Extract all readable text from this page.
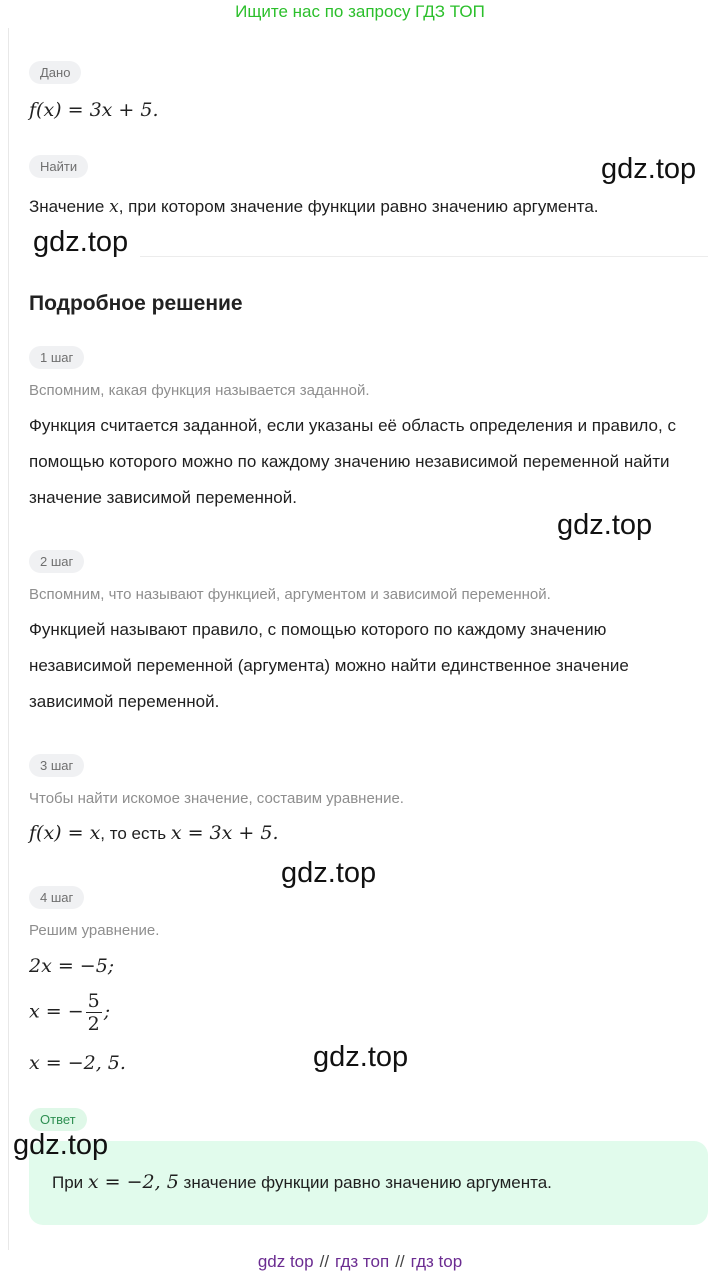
Ищите нас по запросу ГДЗ ТОП
Дано
f(x) = 3x + 5.
Найти
Значение x, при котором значение функции равно значению аргумента.
Подробное решение
1 шаг
Вспомним, какая функция называется заданной.
Функция считается заданной, если указаны её область определения и правило, с помощью которого можно по каждому значению независимой переменной найти значение зависимой переменной.
2 шаг
Вспомним, что называют функцией, аргументом и зависимой переменной.
Функцией называют правило, с помощью которого по каждому значению независимой переменной (аргумента) можно найти единственное значение зависимой переменной.
3 шаг
Чтобы найти искомое значение, составим уравнение.
f(x) = x, то есть x = 3x + 5.
4 шаг
Решим уравнение.
2x = −5;
x = − $\frac{5}{2}$ ;
x = −2, 5.
Ответ
При x = −2, 5 значение функции равно значению аргумента.
gdz.top
gdz.top
gdz.top
gdz.top
gdz.top
gdz.top
gdz top // гдз топ // гдз top
